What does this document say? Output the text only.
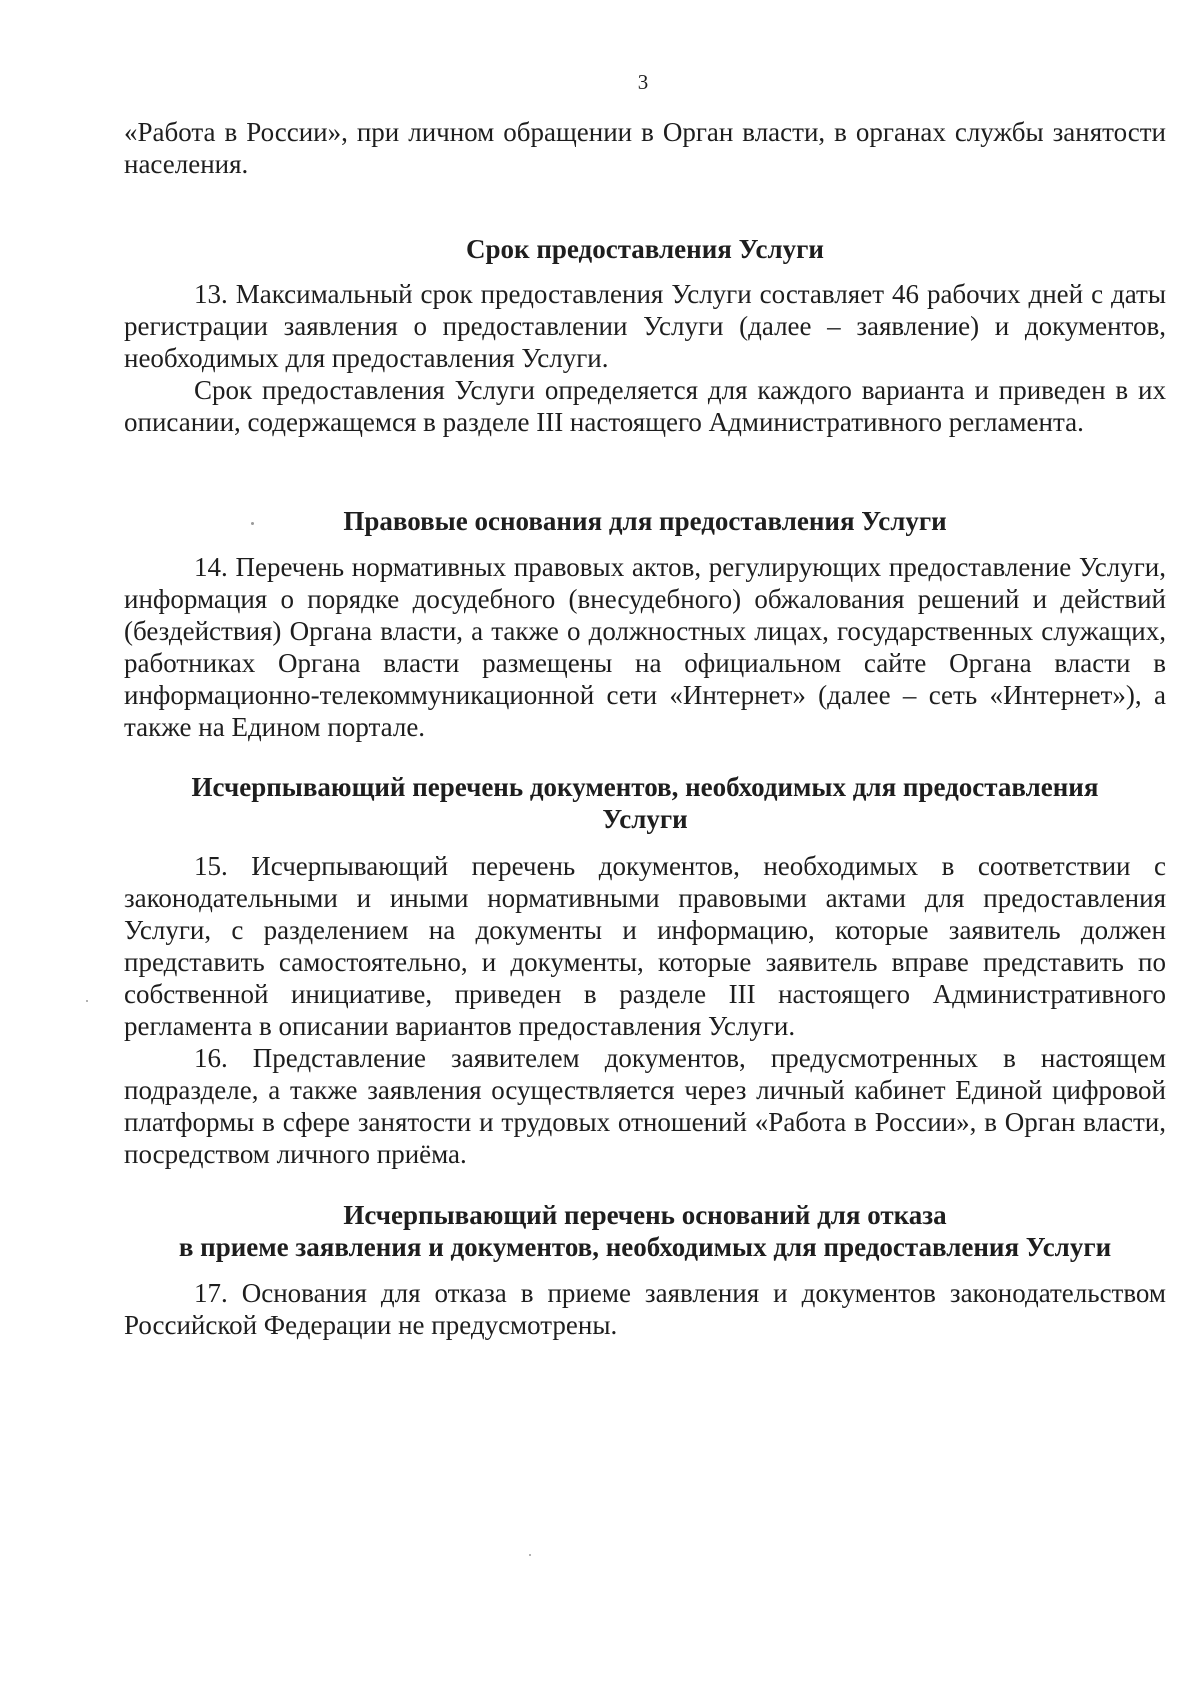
3

«Работа в России», при личном обращении в Орган власти, в органах службы занятости населения.

Срок предоставления Услуги

13. Максимальный срок предоставления Услуги составляет 46 рабочих дней с даты регистрации заявления о предоставлении Услуги (далее – заявление) и документов, необходимых для предоставления Услуги.

Срок предоставления Услуги определяется для каждого варианта и приведен в их описании, содержащемся в разделе III настоящего Административного регламента.

Правовые основания для предоставления Услуги

14. Перечень нормативных правовых актов, регулирующих предоставление Услуги, информация о порядке досудебного (внесудебного) обжалования решений и действий (бездействия) Органа власти, а также о должностных лицах, государственных служащих, работниках Органа власти размещены на официальном сайте Органа власти в информационно-телекоммуникационной сети «Интернет» (далее – сеть «Интернет»), а также на Едином портале.

Исчерпывающий перечень документов, необходимых для предоставления
Услуги

15. Исчерпывающий перечень документов, необходимых в соответствии с законодательными и иными нормативными правовыми актами для предоставления Услуги, с разделением на документы и информацию, которые заявитель должен представить самостоятельно, и документы, которые заявитель вправе представить по собственной инициативе, приведен в разделе III настоящего Административного регламента в описании вариантов предоставления Услуги.

16. Представление заявителем документов, предусмотренных в настоящем подразделе, а также заявления осуществляется через личный кабинет Единой цифровой платформы в сфере занятости и трудовых отношений «Работа в России», в Орган власти, посредством личного приёма.

Исчерпывающий перечень оснований для отказа
в приеме заявления и документов, необходимых для предоставления Услуги

17. Основания для отказа в приеме заявления и документов законодательством Российской Федерации не предусмотрены.
